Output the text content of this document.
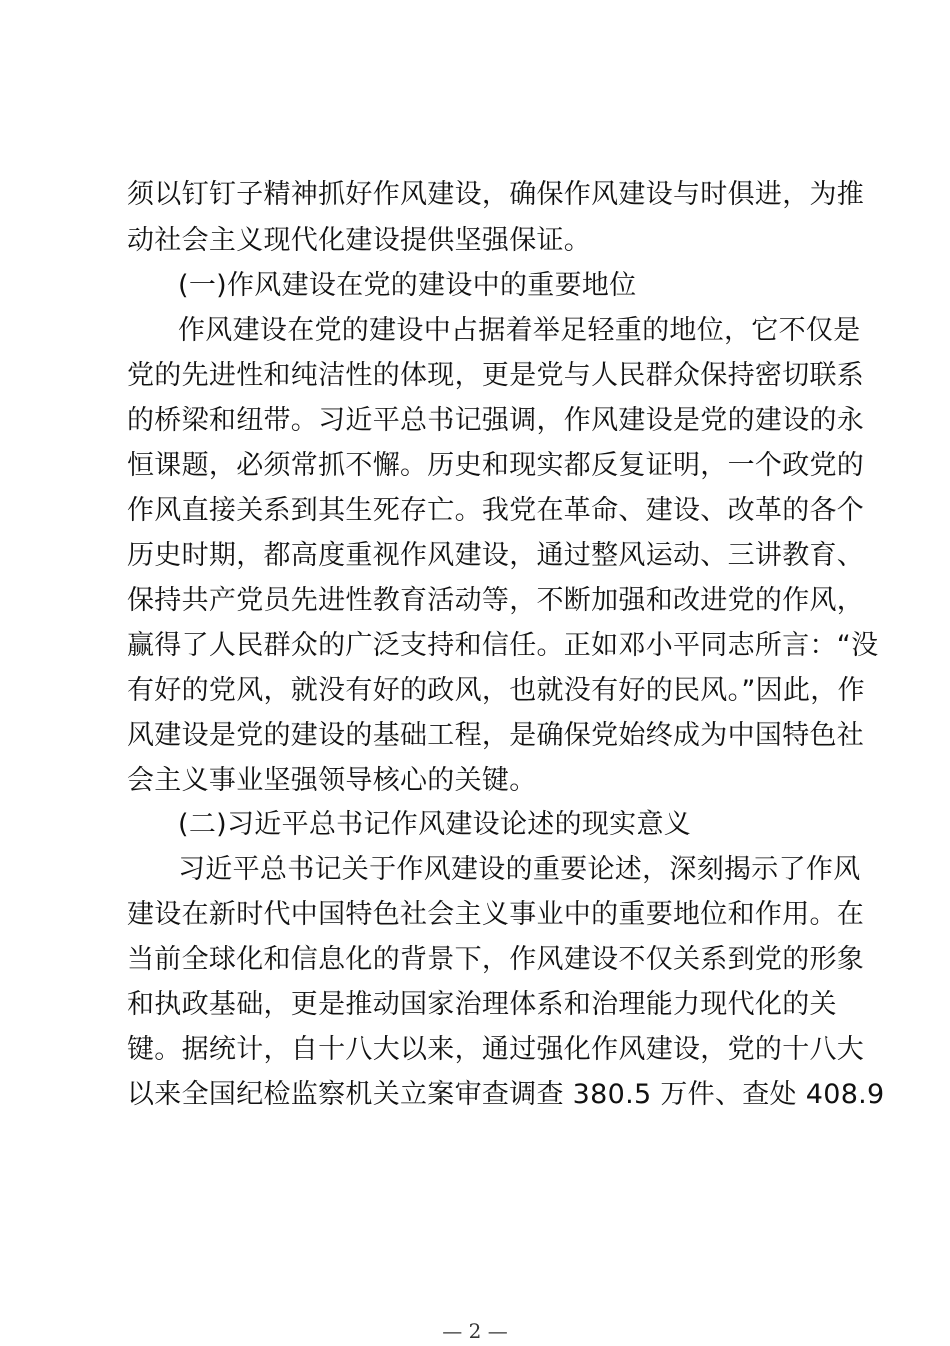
须以钉钉子精神抓好作风建设，确保作风建设与时俱进，为推
动社会主义现代化建设提供坚强保证。
(一)作风建设在党的建设中的重要地位
作风建设在党的建设中占据着举足轻重的地位，它不仅是
党的先进性和纯洁性的体现，更是党与人民群众保持密切联系
的桥梁和纽带。习近平总书记强调，作风建设是党的建设的永
恒课题，必须常抓不懈。历史和现实都反复证明，一个政党的
作风直接关系到其生死存亡。我党在革命、建设、改革的各个
历史时期，都高度重视作风建设，通过整风运动、三讲教育、
保持共产党员先进性教育活动等，不断加强和改进党的作风，
赢得了人民群众的广泛支持和信任。正如邓小平同志所言：“没
有好的党风，就没有好的政风，也就没有好的民风。”因此，作
风建设是党的建设的基础工程，是确保党始终成为中国特色社
会主义事业坚强领导核心的关键。
(二)习近平总书记作风建设论述的现实意义
习近平总书记关于作风建设的重要论述，深刻揭示了作风
建设在新时代中国特色社会主义事业中的重要地位和作用。在
当前全球化和信息化的背景下，作风建设不仅关系到党的形象
和执政基础，更是推动国家治理体系和治理能力现代化的关
键。据统计，自十八大以来，通过强化作风建设，党的十八大
以来全国纪检监察机关立案审查调查 380.5 万件、查处 408.9
— 2 —
